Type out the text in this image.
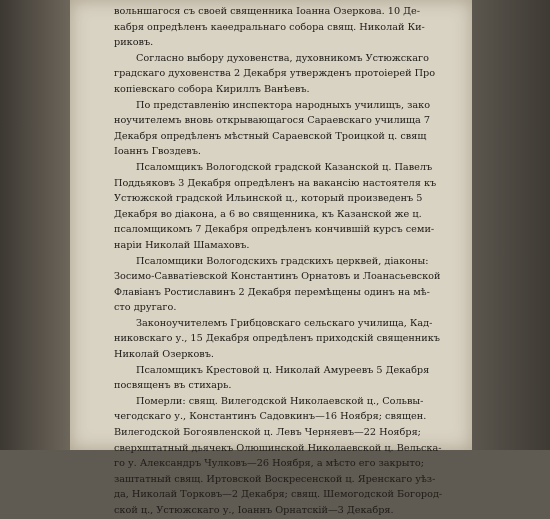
вольншагося съ своей священника Іоанна Озеркова. 10 Де-
кабря опредѣленъ каѳедральнаго собора свящ. Николай Ки-
риковъ.
Согласно выбору духовенства, духовникомъ Устюжскаго
градскаго духовенства 2 Декабря утвержденъ протоіерей Про
копіевскаго собора Кириллъ Ванѣевъ.
По представленію инспектора народныхъ училищъ, зако
ноучителемъ вновь открывающагося Сараевскаго училища 7
Декабря опредѣленъ мѣстный Сараевской Троицкой ц. свящ
Іоаннъ Гвоздевъ.
Псаломщикъ Вологодской градской Казанской ц. Павелъ
Поддьяковъ 3 Декабря опредѣленъ на вакансію настоятеля къ
Устюжской градской Ильинской ц., который произведенъ 5
Декабря во діакона, а 6 во священника, къ Казанской же ц.
псаломщикомъ 7 Декабря опредѣленъ кончившій курсъ семи-
наріи Николай Шамаховъ.
Псаломщики Вологодскихъ градскихъ церквей, діаконы:
Зосимо-Савватіевской Константинъ Орнатовъ и Лоанасьевской
Флавіанъ Ростиславинъ 2 Декабря перемѣщены одинъ на мѣ-
сто другаго.
Законоучителемъ Грибцовскаго сельскаго училища, Кад-
никовскаго у., 15 Декабря опредѣленъ приходскій священникъ
Николай Озерковъ.
Псаломщикъ Крестовой ц. Николай Амуреевъ 5 Декабря
посвященъ въ стихарь.
Померли: свящ. Вилегодской Николаевской ц., Сольвы-
чегодскаго у., Константинъ Садовкинъ—16 Ноября; священ.
Вилегодской Богоявленской ц. Левъ Черняевъ—22 Ноября;
сверхштатный дьячекъ Олюшинской Николаевской ц. Вельска-
го у. Александръ Чулковъ—26 Ноября, а мѣсто его закрыто;
заштатный свящ. Иртовской Воскресенской ц. Яренскаго уѣз-
да, Николай Торковъ—2 Декабря; свящ. Шемогодской Богород-
ской ц., Устюжскаго у., Іоаннъ Орнатскій—3 Декабря.
